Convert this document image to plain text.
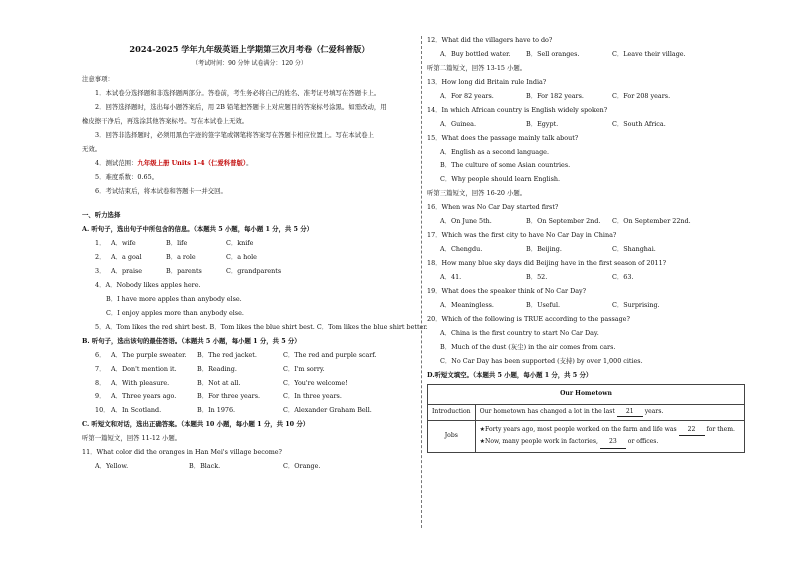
2024-2025 学年九年级英语上学期第三次月考卷（仁爱科普版）
（考试时间：90 分钟 试卷满分：120 分）
注意事项：
1．本试卷分选择题和非选择题两部分。答卷前，考生务必将自己的姓名、准考证号填写在答题卡上。
2．回答选择题时，选出每小题答案后，用 2B 铅笔把答题卡上对应题目的答案标号涂黑。如需改动，用
橡皮擦干净后，再选涂其他答案标号。写在本试卷上无效。
3．回答非选择题时，必须用黑色字迹的签字笔或钢笔将答案写在答题卡相应位置上。写在本试卷上
无效。
4．测试范围：九年级上册 Units 1-4（仁爱科普版）。
5．难度系数：0.65。
6．考试结束后，将本试卷和答题卡一并交回。
一、听力选择
A. 听句子，选出句子中所包含的信息。（本题共 5 小题，每小题 1 分，共 5 分）
1． A．wife	B．life	C．knife
2． A．a goal	B．a role	C．a hole
3． A．praise	B．parents	C．grandparents
4．A．Nobody likes apples here.
B．I have more apples than anybody else.
C．I enjoy apples more than anybody else.
5．A．Tom likes the red shirt best. B．Tom likes the blue shirt best. C．Tom likes the blue shirt better.
B. 听句子，选出该句的最佳答语。（本题共 5 小题，每小题 1 分，共 5 分）
6． A．The purple sweater.	B．The red jacket.	C．The red and purple scarf.
7． A．Don't mention it.	B．Reading.	C．I'm sorry.
8． A．With pleasure.	B．Not at all.	C．You're welcome!
9． A．Three years ago.	B．For three years.	C．In three years.
10． A．In Scotland.	B．In 1976.	C．Alexander Graham Bell.
C. 听短文和对话，选出正确答案。（本题共 10 小题，每小题 1 分，共 10 分）
听第一篇短文，回答 11-12 小题。
11．What color did the oranges in Han Mei's village become?
A．Yellow.	B．Black.	C．Orange.
12．What did the villagers have to do?
A．Buy bottled water.	B．Sell oranges.	C．Leave their village.
听第二篇短文，回答 13-15 小题。
13．How long did Britain rule India?
A．For 82 years.	B．For 182 years.	C．For 208 years.
14．In which African country is English widely spoken?
A．Guinea.	B．Egypt.	C．South Africa.
15．What does the passage mainly talk about?
A．English as a second language.
B．The culture of some Asian countries.
C．Why people should learn English.
听第三篇短文，回答 16-20 小题。
16．When was No Car Day started first?
A．On June 5th.	B．On September 2nd.	C．On September 22nd.
17．Which was the first city to have No Car Day in China?
A．Chengdu.	B．Beijing.	C．Shanghai.
18．How many blue sky days did Beijing have in the first season of 2011?
A．41.	B．52.	C．63.
19．What does the speaker think of No Car Day?
A．Meaningless.	B．Useful.	C．Surprising.
20．Which of the following is TRUE according to the passage?
A．China is the first country to start No Car Day.
B．Much of the dust (灰尘) in the air comes from cars.
C．No Car Day has been supported (支持) by over 1,000 cities.
D.听短文填空。（本题共 5 小题，每小题 1 分，共 5 分）
Our Hometown	
Introduction	Our hometown has changed a lot in the last 21 years.
Jobs	★Forty years ago, most people worked on the farm and life was 22 for them.
★Now, many people work in factories, 23 or offices.
